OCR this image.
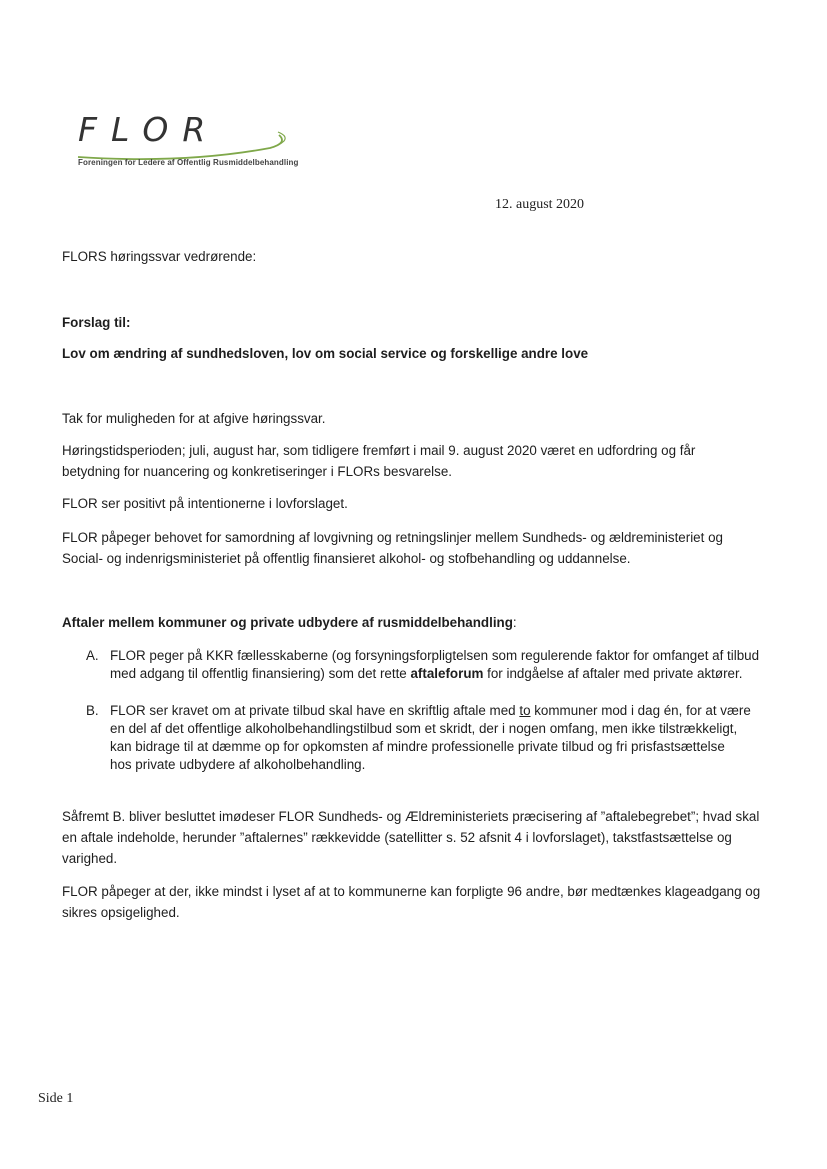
FLOR
Foreningen for Ledere af Offentlig Rusmiddelbehandling
12. august 2020

FLORS høringssvar vedrørende:

Forslag til:

Lov om ændring af sundhedsloven, lov om social service og forskellige andre love

Tak for muligheden for at afgive høringssvar.

Høringstidsperioden; juli, august har, som tidligere fremført i mail 9. august 2020 været en udfordring og får

betydning for nuancering og konkretiseringer i FLORs besvarelse.

FLOR ser positivt på intentionerne i lovforslaget.

FLOR påpeger behovet for samordning af lovgivning og retningslinjer mellem Sundheds- og ældreministeriet og

Social- og indenrigsministeriet på offentlig finansieret alkohol- og stofbehandling og uddannelse.

Aftaler mellem kommuner og private udbydere af rusmiddelbehandling:

A. FLOR peger på KKR fællesskaberne (og forsyningsforpligtelsen som regulerende faktor for omfanget af tilbud

med adgang til offentlig finansiering) som det rette aftaleforum for indgåelse af aftaler med private aktører.

B. FLOR ser kravet om at private tilbud skal have en skriftlig aftale med to kommuner mod i dag én, for at være

en del af det offentlige alkoholbehandlingstilbud som et skridt, der i nogen omfang, men ikke tilstrækkeligt,

kan bidrage til at dæmme op for opkomsten af mindre professionelle private tilbud og fri prisfastsættelse

hos private udbydere af alkoholbehandling.

Såfremt B. bliver besluttet imødeser FLOR Sundheds- og Ældreministeriets præcisering af ”aftalebegrebet”; hvad skal

en aftale indeholde, herunder ”aftalernes” rækkevidde (satellitter s. 52 afsnit 4 i lovforslaget), takstfastsættelse og

varighed.

FLOR påpeger at der, ikke mindst i lyset af at to kommunerne kan forpligte 96 andre, bør medtænkes klageadgang og

sikres opsigelighed.

Side 1
